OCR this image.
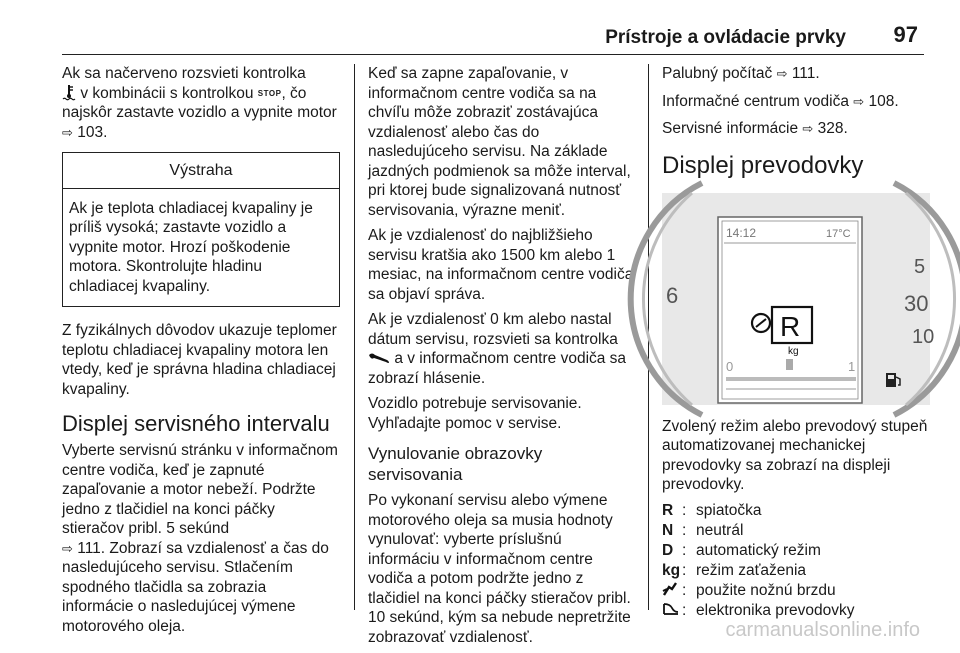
Prístroje a ovládacie prvky 97

Ak sa načerveno rozsvieti kontrolka
v kombinácii s kontrolkou STOP, čo najskôr zastavte vozidlo a vypnite motor ⇨ 103.

Výstraha
Ak je teplota chladiacej kvapaliny je príliš vysoká; zastavte vozidlo a vypnite motor. Hrozí poškodenie motora. Skontrolujte hladinu chladiacej kvapaliny.

Z fyzikálnych dôvodov ukazuje teplomer teplotu chladiacej kvapaliny motora len vtedy, keď je správna hladina chladiacej kvapaliny.

Displej servisného intervalu

Vyberte servisnú stránku v informačnom centre vodiča, keď je zapnuté zapaľovanie a motor nebeží. Podržte jedno z tlačidiel na konci páčky stieračov pribl. 5 sekúnd
⇨ 111. Zobrazí sa vzdialenosť a čas do nasledujúceho servisu. Stlačením spodného tlačidla sa zobrazia informácie o nasledujúcej výmene motorového oleja.

Keď sa zapne zapaľovanie, v informačnom centre vodiča sa na chvíľu môže zobraziť zostávajúca vzdialenosť alebo čas do nasledujúceho servisu. Na základe jazdných podmienok sa môže interval, pri ktorej bude signalizovaná nutnosť servisovania, výrazne meniť.

Ak je vzdialenosť do najbližšieho servisu kratšia ako 1500 km alebo 1 mesiac, na informačnom centre vodiča sa objaví správa.

Ak je vzdialenosť 0 km alebo nastal dátum servisu, rozsvieti sa kontrolka  a v informačnom centre vodiča sa zobrazí hlásenie.

Vozidlo potrebuje servisovanie. Vyhľadajte pomoc v servise.

Vynulovanie obrazovky servisovania

Po vykonaní servisu alebo výmene motorového oleja sa musia hodnoty vynulovať: vyberte príslušnú informáciu v informačnom centre vodiča a potom podržte jedno z tlačidiel na konci páčky stieračov pribl. 10 sekúnd, kým sa nebude nepretržite zobrazovať vzdialenosť.

Palubný počítač ⇨ 111.

Informačné centrum vodiča ⇨ 108.

Servisné informácie ⇨ 328.

Displej prevodovky
6
5
30
10
14:12	17°C
R
kg
0	1

Zvolený režim alebo prevodový stupeň automatizovanej mechanickej prevodovky sa zobrazí na displeji prevodovky.

R : spiatočka
N : neutrál
D : automatický režim
kg : režim zaťaženia
: použite nožnú brzdu
: elektronika prevodovky
carmanualsonline.info
